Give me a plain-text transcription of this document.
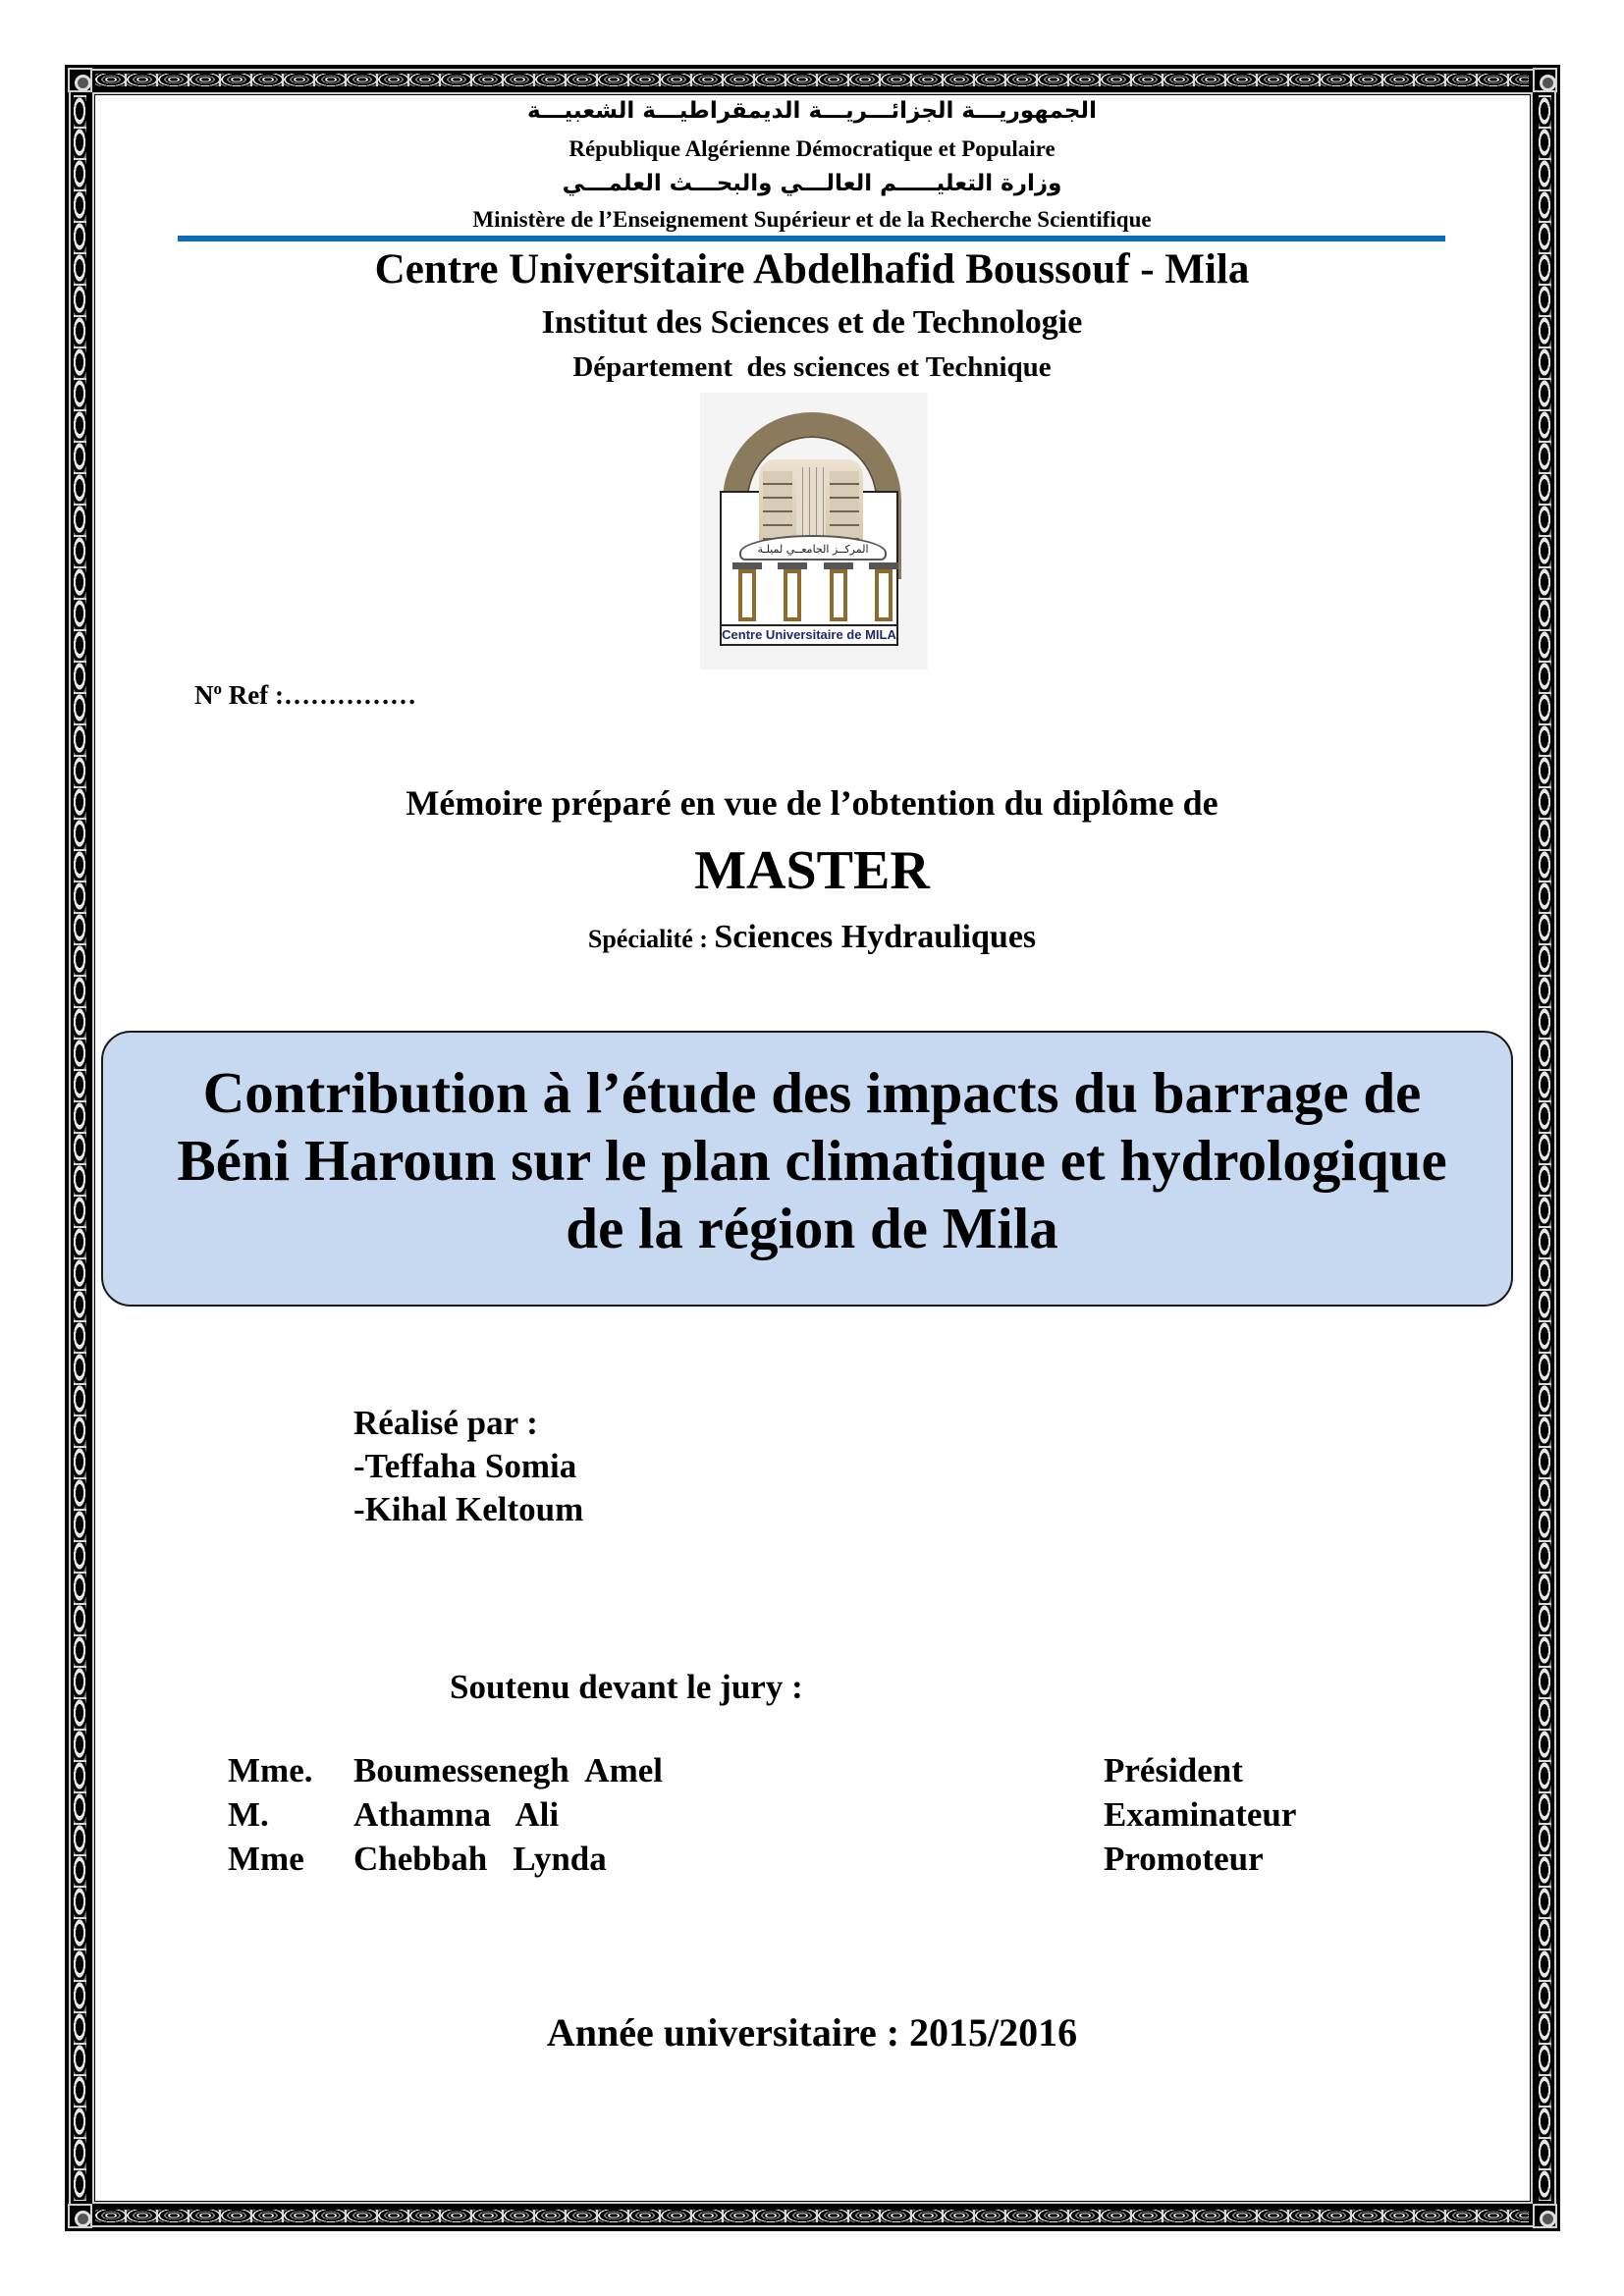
الجمهوريـــة الجزائـــريـــة الديمقراطيـــة الشعبيـــة
République Algérienne Démocratique et Populaire
وزارة التعليـــــم العالـــي والبحـــث العلمـــي
Ministère de l’Enseignement Supérieur et de la Recherche Scientifique
Centre Universitaire Abdelhafid Boussouf - Mila
Institut des Sciences et de Technologie
Département  des sciences et Technique
المركــز الجامعــي لميلـة
Centre Universitaire de MILA
$N^o$ Ref :……………
Mémoire préparé en vue de l’obtention du diplôme de
MASTER
Spécialité : Sciences Hydrauliques
Contribution à l’étude des impacts du barrage de
Béni Haroun sur le plan climatique et hydrologique
de la région de Mila
Réalisé par :
-Teffaha Somia
-Kihal Keltoum
Soutenu devant le jury :
Mme. Boumessenegh  Amel	Président
M. Athamna   Ali	Examinateur
Mme Chebbah   Lynda	Promoteur
Année universitaire : 2015/2016
